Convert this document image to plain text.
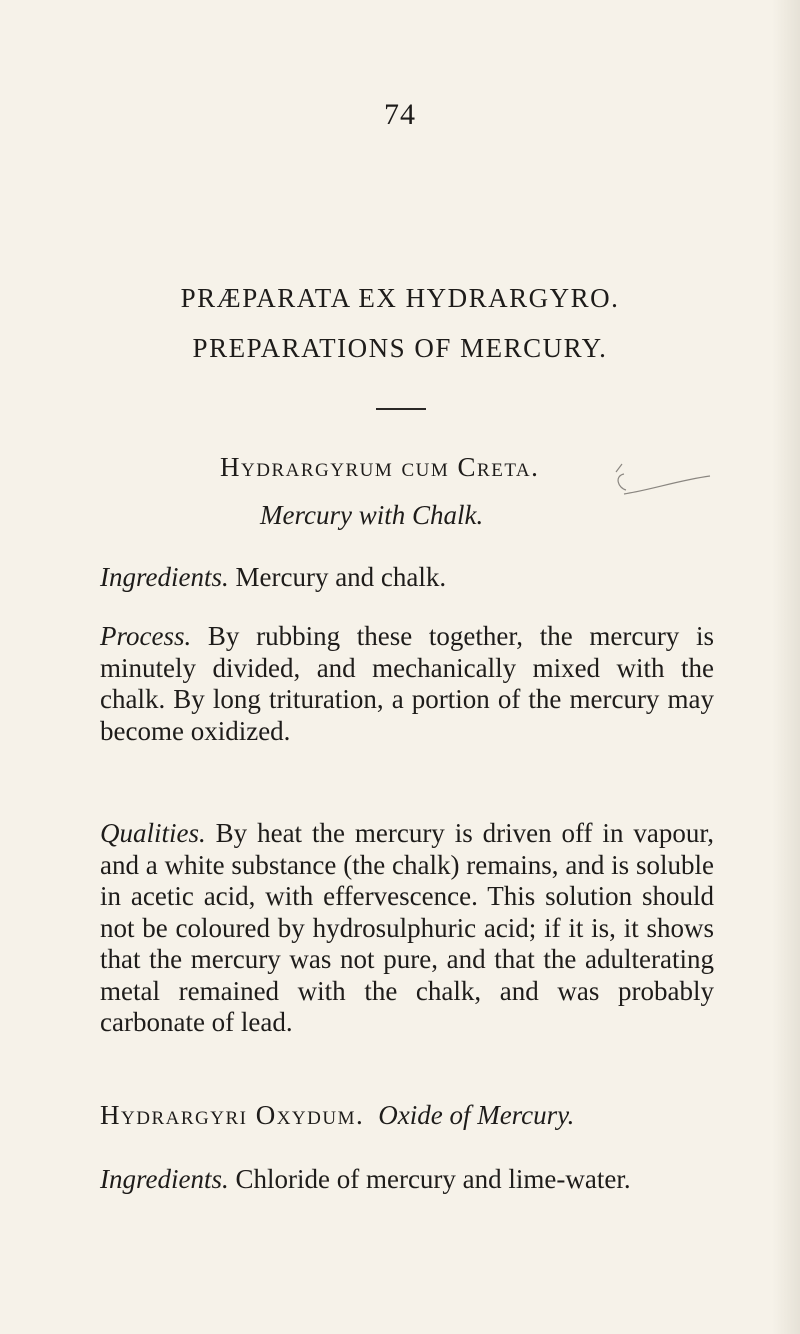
74
PRÆPARATA EX HYDRARGYRO.
PREPARATIONS OF MERCURY.
Hydrargyrum cum Creta.
Mercury with Chalk.

Ingredients. Mercury and chalk.

Process. By rubbing these together, the mercury is minutely divided, and mechanically mixed with the chalk. By long trituration, a portion of the mercury may become oxidized.

Qualities. By heat the mercury is driven off in vapour, and a white substance (the chalk) remains, and is soluble in acetic acid, with effervescence. This solution should not be coloured by hydrosulphuric acid; if it is, it shows that the mercury was not pure, and that the adulterating metal remained with the chalk, and was probably carbonate of lead.

Hydrargyri Oxydum. Oxide of Mercury.

Ingredients. Chloride of mercury and lime-water.
